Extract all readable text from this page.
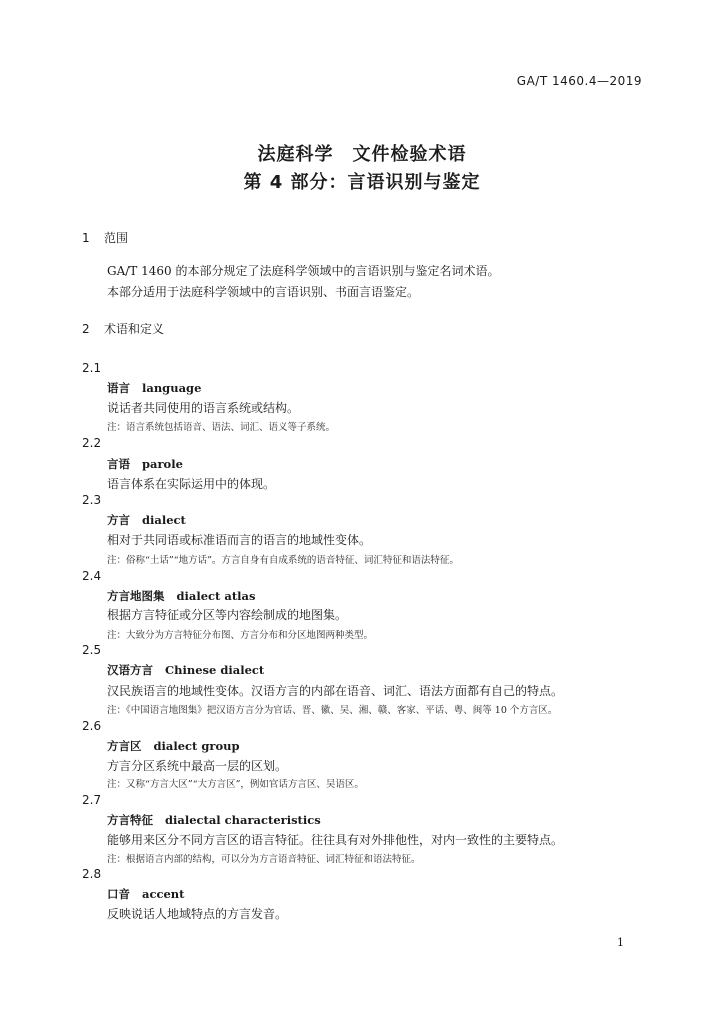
GA/T 1460.4—2019
法庭科学　文件检验术语
第 4 部分：言语识别与鉴定
1 范围
GA/T 1460 的本部分规定了法庭科学领域中的言语识别与鉴定名词术语。
本部分适用于法庭科学领域中的言语识别、书面言语鉴定。
2 术语和定义
2.1
语言 language
说话者共同使用的语言系统或结构。
注：语言系统包括语音、语法、词汇、语义等子系统。
2.2
言语 parole
语言体系在实际运用中的体现。
2.3
方言 dialect
相对于共同语或标准语而言的语言的地域性变体。
注：俗称“土话”“地方话”。方言自身有自成系统的语音特征、词汇特征和语法特征。
2.4
方言地图集 dialect atlas
根据方言特征或分区等内容绘制成的地图集。
注：大致分为方言特征分布图、方言分布和分区地图两种类型。
2.5
汉语方言 Chinese dialect
汉民族语言的地域性变体。汉语方言的内部在语音、词汇、语法方面都有自己的特点。
注：《中国语言地图集》把汉语方言分为官话、晋、徽、吴、湘、赣、客家、平话、粤、闽等 10 个方言区。
2.6
方言区 dialect group
方言分区系统中最高一层的区划。
注：又称“方言大区”“大方言区”，例如官话方言区、吴语区。
2.7
方言特征 dialectal characteristics
能够用来区分不同方言区的语言特征。往往具有对外排他性，对内一致性的主要特点。
注：根据语言内部的结构，可以分为方言语音特征、词汇特征和语法特征。
2.8
口音 accent
反映说话人地域特点的方言发音。
1
